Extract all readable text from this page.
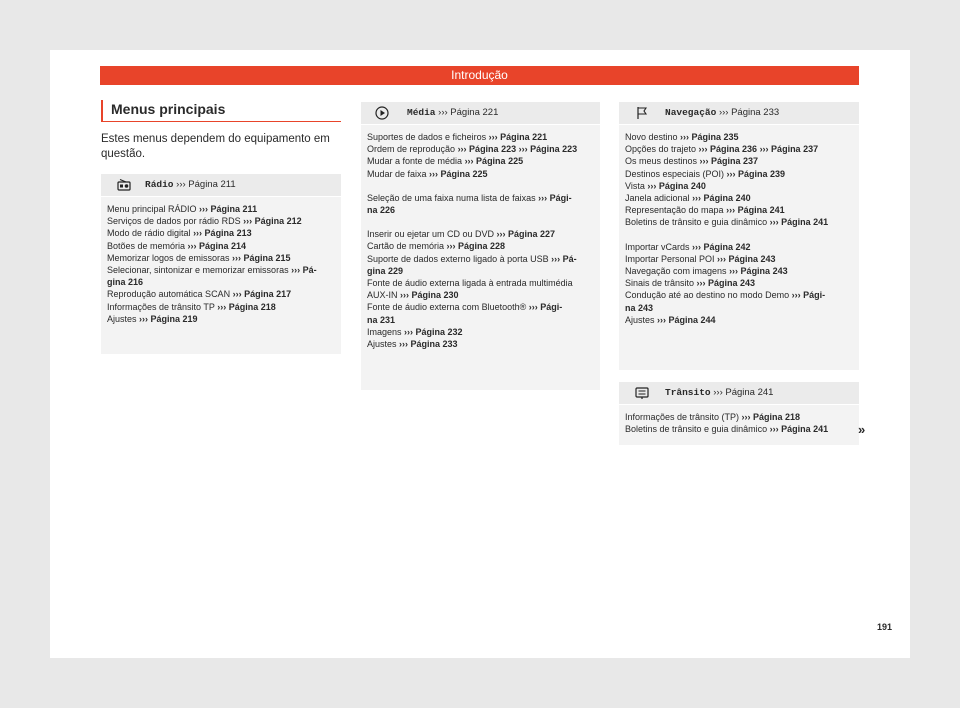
Introdução
Menus principais
Estes menus dependem do equipamento em questão.
Rádio ››› Página 211
Menu principal RÁDIO ››› Página 211
Serviços de dados por rádio RDS ››› Página 212
Modo de rádio digital ››› Página 213
Botões de memória ››› Página 214
Memorizar logos de emissoras ››› Página 215
Selecionar, sintonizar e memorizar emissoras ››› Pá-
gina 216
Reprodução automática SCAN ››› Página 217
Informações de trânsito TP ››› Página 218
Ajustes ››› Página 219
Média ››› Página 221
Suportes de dados e ficheiros ››› Página 221
Ordem de reprodução ››› Página 223 ››› Página 223
Mudar a fonte de média ››› Página 225
Mudar de faixa ››› Página 225
Seleção de uma faixa numa lista de faixas ››› Pági-
na 226
Inserir ou ejetar um CD ou DVD ››› Página 227
Cartão de memória ››› Página 228
Suporte de dados externo ligado à porta USB ››› Pá-
gina 229
Fonte de áudio externa ligada à entrada multimédia
AUX-IN ››› Página 230
Fonte de áudio externa com Bluetooth® ››› Pági-
na 231
Imagens ››› Página 232
Ajustes ››› Página 233
Navegação ››› Página 233
Novo destino ››› Página 235
Opções do trajeto ››› Página 236 ››› Página 237
Os meus destinos ››› Página 237
Destinos especiais (POI) ››› Página 239
Vista ››› Página 240
Janela adicional ››› Página 240
Representação do mapa ››› Página 241
Boletins de trânsito e guia dinâmico ››› Página 241
Importar vCards ››› Página 242
Importar Personal POI ››› Página 243
Navegação com imagens ››› Página 243
Sinais de trânsito ››› Página 243
Condução até ao destino no modo Demo ››› Pági-
na 243
Ajustes ››› Página 244
Trânsito ››› Página 241
Informações de trânsito (TP) ››› Página 218
Boletins de trânsito e guia dinâmico ››› Página 241	»
191
